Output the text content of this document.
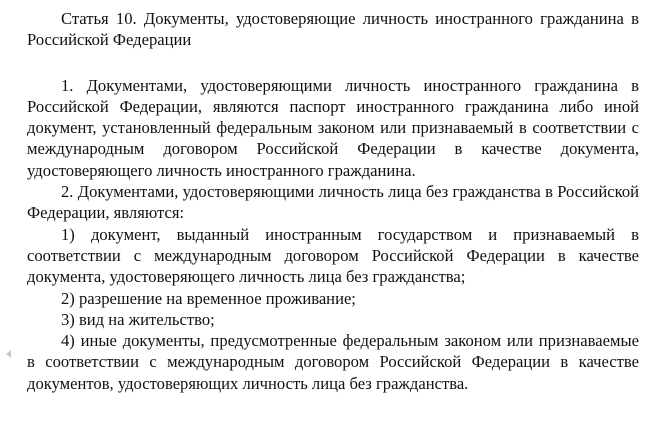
Статья 10. Документы, удостоверяющие личность иностранного гражданина в Российской Федерации

1. Документами, удостоверяющими личность иностранного гражданина в Российской Федерации, являются паспорт иностранного гражданина либо иной документ, установленный федеральным законом или признаваемый в соответствии с международным договором Российской Федерации в качестве документа, удостоверяющего личность иностранного гражданина.

2. Документами, удостоверяющими личность лица без гражданства в Российской Федерации, являются:

1) документ, выданный иностранным государством и признаваемый в соответствии с международным договором Российской Федерации в качестве документа, удостоверяющего личность лица без гражданства;

2) разрешение на временное проживание;

3) вид на жительство;

4) иные документы, предусмотренные федеральным законом или признаваемые в соответствии с международным договором Российской Федерации в качестве документов, удостоверяющих личность лица без гражданства.
